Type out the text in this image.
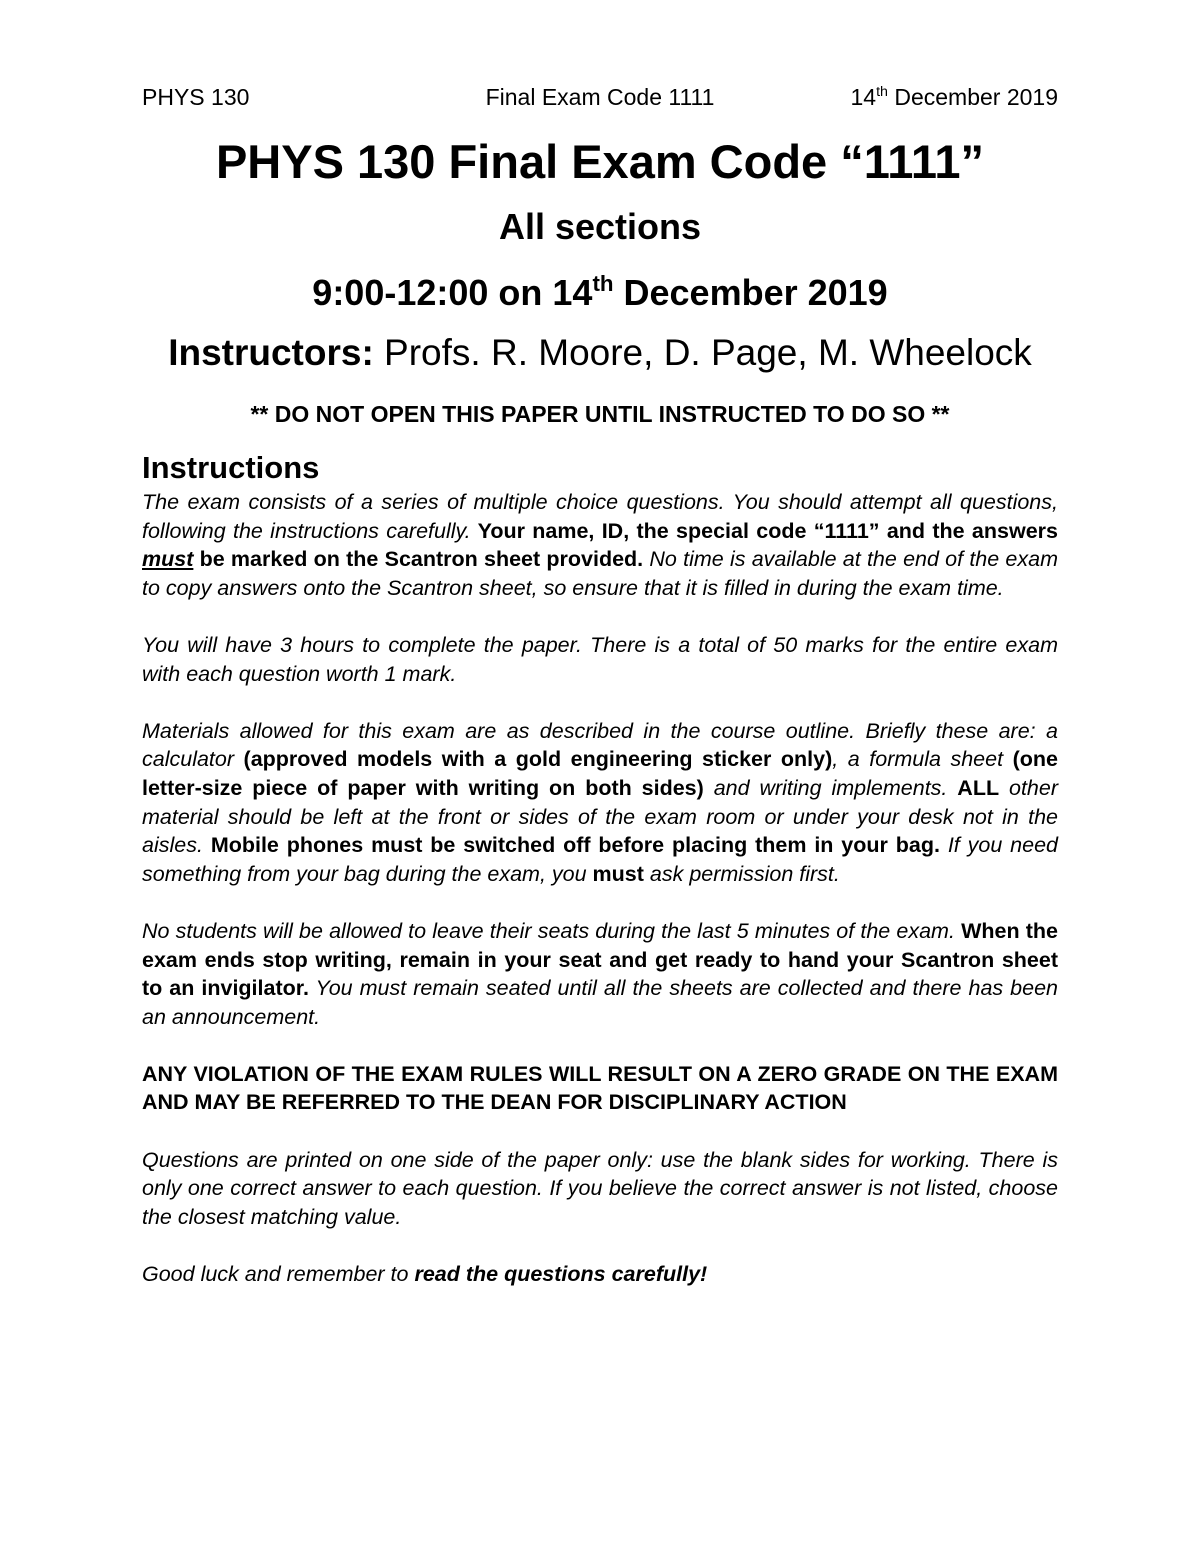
PHYS 130	Final Exam Code 1111	14th December 2019
PHYS 130 Final Exam Code “1111”
All sections
9:00-12:00 on 14th December 2019
Instructors: Profs. R. Moore, D. Page, M. Wheelock
** DO NOT OPEN THIS PAPER UNTIL INSTRUCTED TO DO SO **
Instructions

The exam consists of a series of multiple choice questions. You should attempt all questions, following the instructions carefully. Your name, ID, the special code “1111” and the answers must be marked on the Scantron sheet provided. No time is available at the end of the exam to copy answers onto the Scantron sheet, so ensure that it is filled in during the exam time.

You will have 3 hours to complete the paper. There is a total of 50 marks for the entire exam with each question worth 1 mark.

Materials allowed for this exam are as described in the course outline. Briefly these are: a calculator (approved models with a gold engineering sticker only), a formula sheet (one letter-size piece of paper with writing on both sides) and writing implements. ALL other material should be left at the front or sides of the exam room or under your desk not in the aisles. Mobile phones must be switched off before placing them in your bag. If you need something from your bag during the exam, you must ask permission first.

No students will be allowed to leave their seats during the last 5 minutes of the exam. When the exam ends stop writing, remain in your seat and get ready to hand your Scantron sheet to an invigilator. You must remain seated until all the sheets are collected and there has been an announcement.

ANY VIOLATION OF THE EXAM RULES WILL RESULT ON A ZERO GRADE ON THE EXAM AND MAY BE REFERRED TO THE DEAN FOR DISCIPLINARY ACTION

Questions are printed on one side of the paper only: use the blank sides for working. There is only one correct answer to each question. If you believe the correct answer is not listed, choose the closest matching value.

Good luck and remember to read the questions carefully!
